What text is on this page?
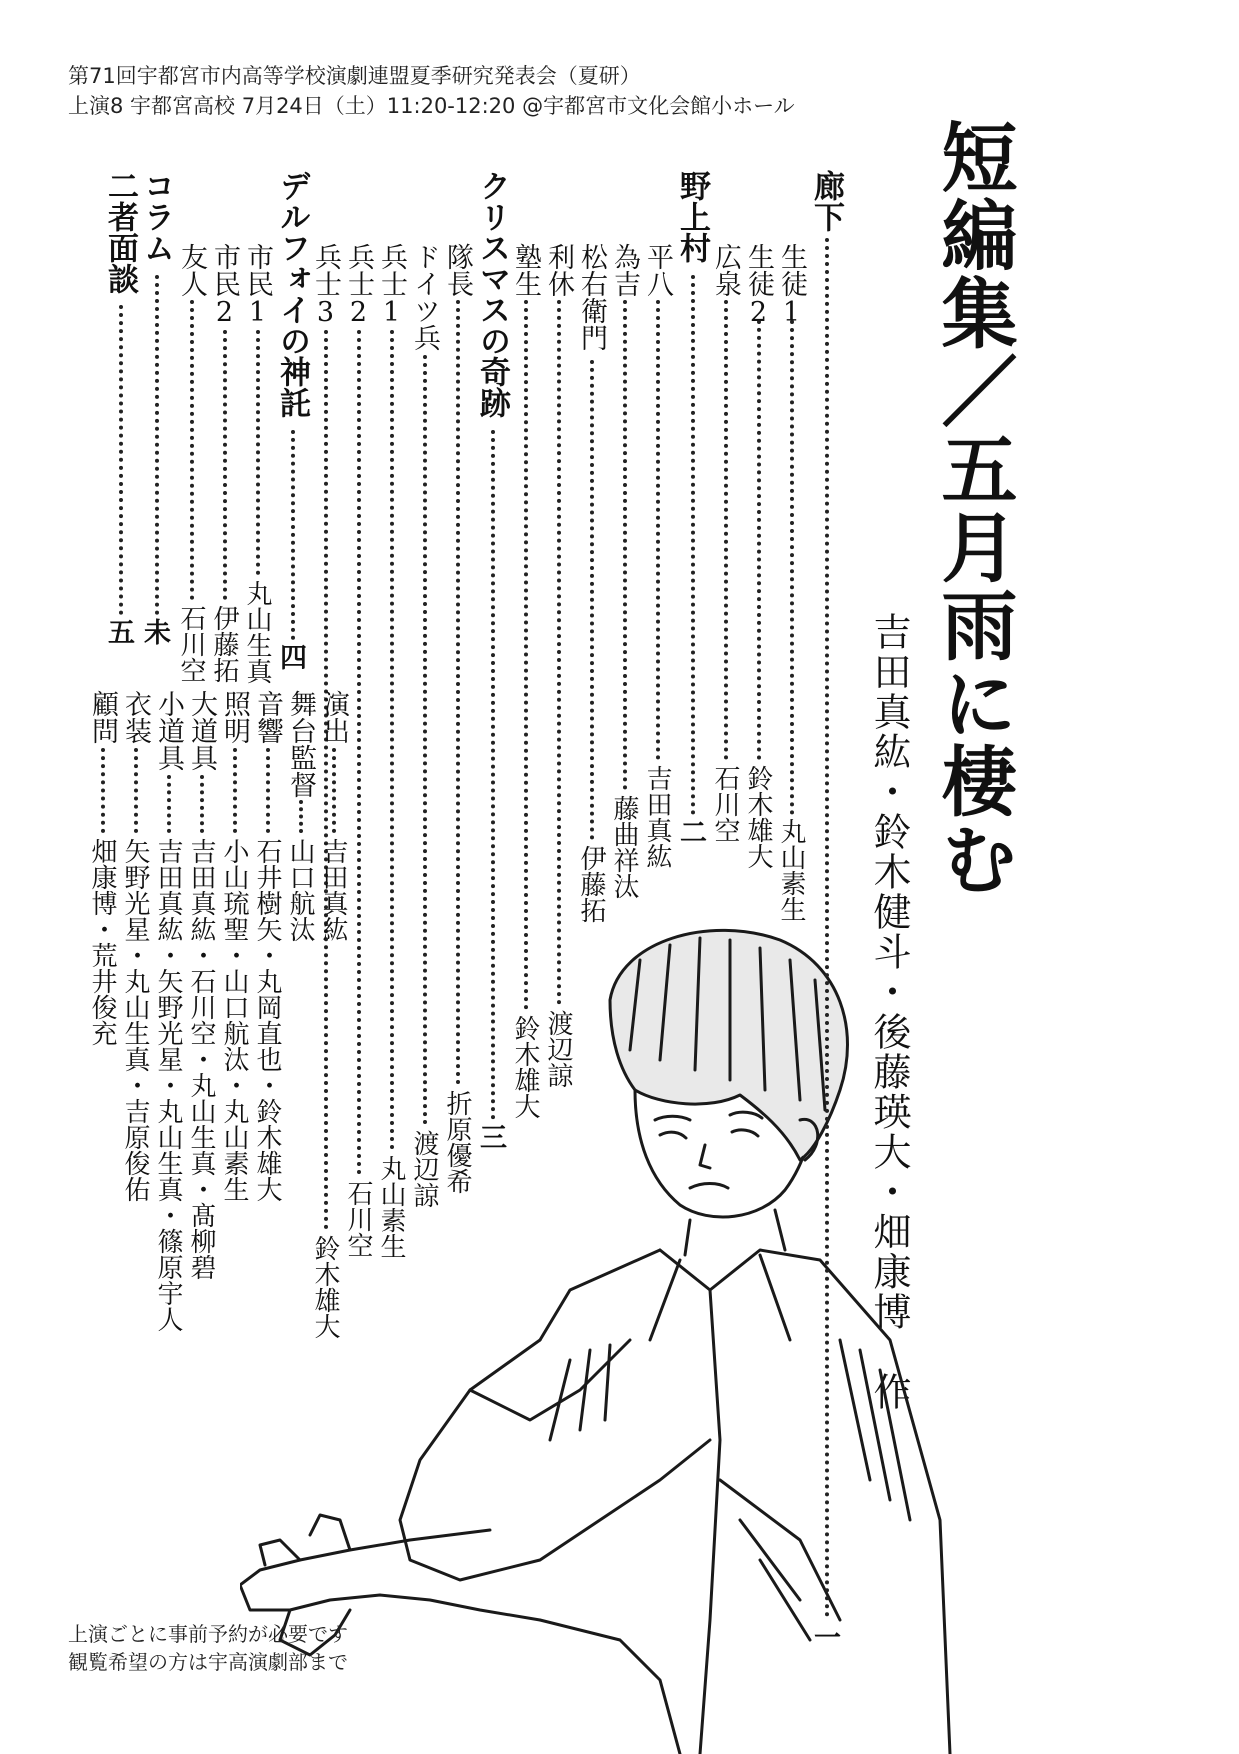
第71回宇都宮市内高等学校演劇連盟夏季研究発表会（夏研）
上演8 宇都宮高校 7月24日（土）11:20-12:20 @宇都宮市文化会館小ホール
短編集／五月雨に棲む
吉田真紘・鈴木健斗・後藤瑛大・畑康博　作
廊下
一
生徒1
丸山素生
生徒2
鈴木雄大
広泉
石川空
野上村
二
平八
吉田真紘
為吉
藤曲祥汰
松右衛門
伊藤拓
利休
渡辺諒
塾生
鈴木雄大
クリスマスの奇跡
三
隊長
折原優希
ドイツ兵
渡辺諒
兵士1
丸山素生
兵士2
石川空
兵士3
鈴木雄大
デルフォイの神託
四
市民1
丸山生真
市民2
伊藤拓
友人
石川空
コラム
未
二者面談
五
演出
吉田真紘
舞台監督
山口航汰
音響
石井樹矢・丸岡直也・鈴木雄大
照明
小山琉聖・山口航汰・丸山素生
大道具
吉田真紘・石川空・丸山生真・髙柳碧
小道具
吉田真紘・矢野光星・丸山生真・篠原宇人
衣装
矢野光星・丸山生真・吉原俊佑
顧問
畑康博・荒井俊充
上演ごとに事前予約が必要です
観覧希望の方は宇高演劇部まで
